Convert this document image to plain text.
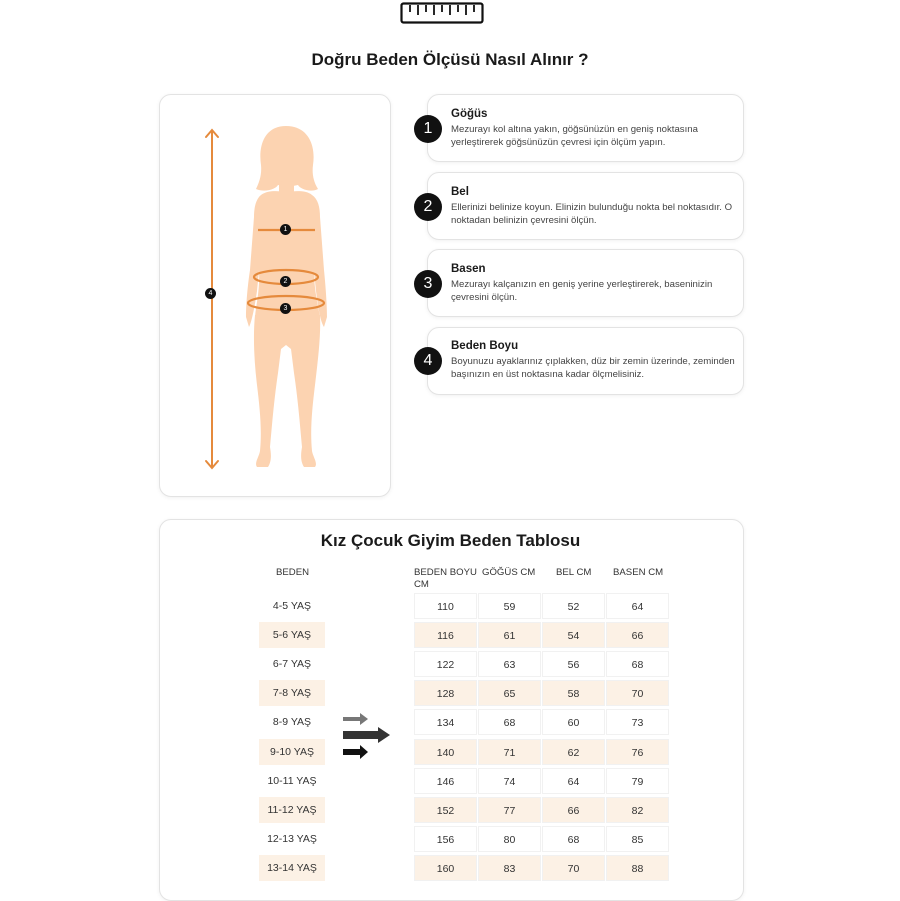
Doğru Beden Ölçüsü Nasıl Alınır ?
1
2
3
4
1
Göğüs
Mezurayı kol altına yakın, göğsünüzün en geniş noktasına yerleştirerek göğsünüzün çevresi için ölçüm yapın.
2
Bel
Ellerinizi belinize koyun. Elinizin bulunduğu nokta bel noktasıdır. O noktadan belinizin çevresini ölçün.
3
Basen
Mezurayı kalçanızın en geniş yerine yerleştirerek, baseninizin çevresini ölçün.
4
Beden Boyu
Boyunuzu ayaklarınız çıplakken, düz bir zemin üzerinde, zeminden başınızın en üst noktasına kadar ölçmelisiniz.
Kız Çocuk Giyim Beden Tablosu
BEDEN	BEDEN BOYU
CM
GÖĞÜS CM BEL CM BASEN CM
4-5 YAŞ	110	59	52	64
5-6 YAŞ	116	61	54	66
6-7 YAŞ	122	63	56	68
7-8 YAŞ	128	65	58	70
8-9 YAŞ	134	68	60	73
9-10 YAŞ	140	71	62	76
10-11 YAŞ	146	74	64	79
11-12 YAŞ	152	77	66	82
12-13 YAŞ	156	80	68	85
13-14 YAŞ	160	83	70	88
